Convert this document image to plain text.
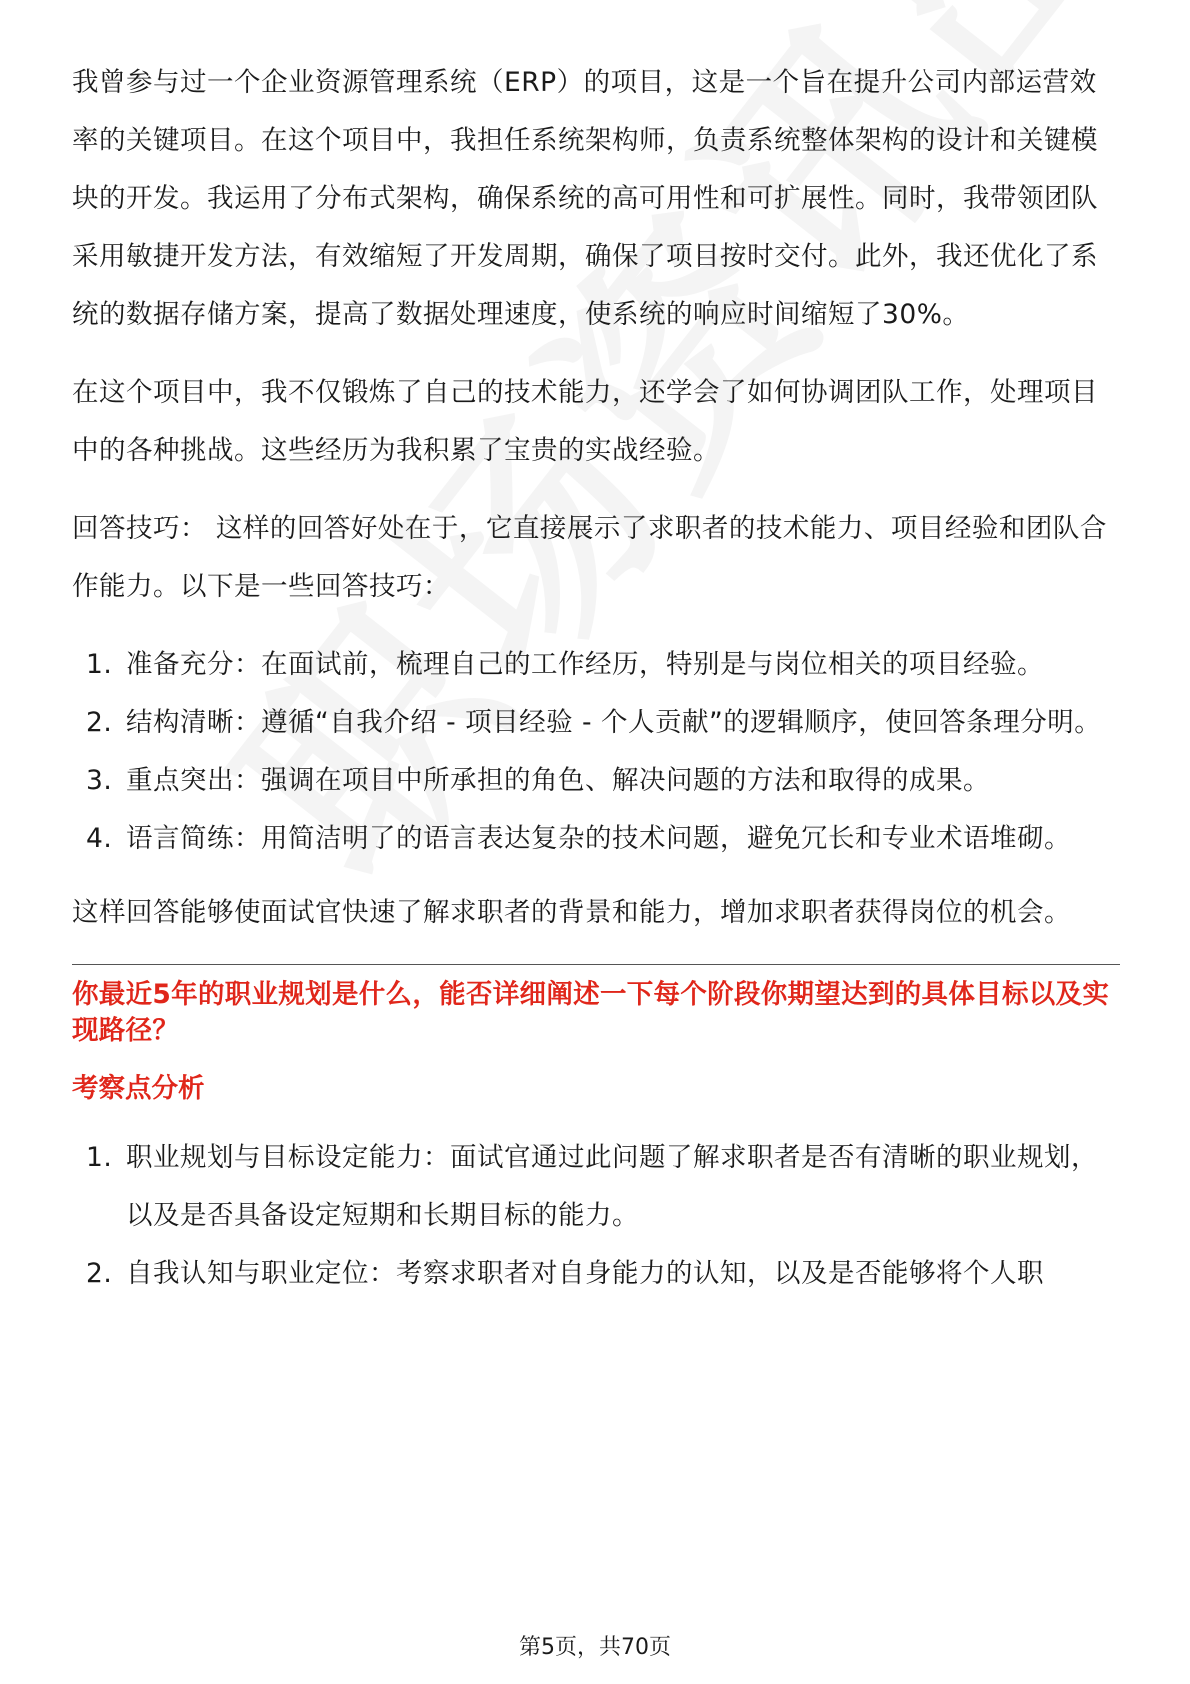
我曾参与过一个企业资源管理系统（ERP）的项目，这是一个旨在提升公司内部运营效率的关键项目。在这个项目中，我担任系统架构师，负责系统整体架构的设计和关键模块的开发。我运用了分布式架构，确保系统的高可用性和可扩展性。同时，我带领团队采用敏捷开发方法，有效缩短了开发周期，确保了项目按时交付。此外，我还优化了系统的数据存储方案，提高了数据处理速度，使系统的响应时间缩短了30%。

在这个项目中，我不仅锻炼了自己的技术能力，还学会了如何协调团队工作，处理项目中的各种挑战。这些经历为我积累了宝贵的实战经验。

回答技巧： 这样的回答好处在于，它直接展示了求职者的技术能力、项目经验和团队合作能力。以下是一些回答技巧：

1. 准备充分：在面试前，梳理自己的工作经历，特别是与岗位相关的项目经验。
2. 结构清晰：遵循“自我介绍 - 项目经验 - 个人贡献”的逻辑顺序，使回答条理分明。
3. 重点突出：强调在项目中所承担的角色、解决问题的方法和取得的成果。
4. 语言简练：用简洁明了的语言表达复杂的技术问题，避免冗长和专业术语堆砌。

这样回答能够使面试官快速了解求职者的背景和能力，增加求职者获得岗位的机会。

你最近5年的职业规划是什么，能否详细阐述一下每个阶段你期望达到的具体目标以及实现路径？
考察点分析
1. 职业规划与目标设定能力：面试官通过此问题了解求职者是否有清晰的职业规划，以及是否具备设定短期和长期目标的能力。
2. 自我认知与职业定位：考察求职者对自身能力的认知，以及是否能够将个人职
第5页，共70页
